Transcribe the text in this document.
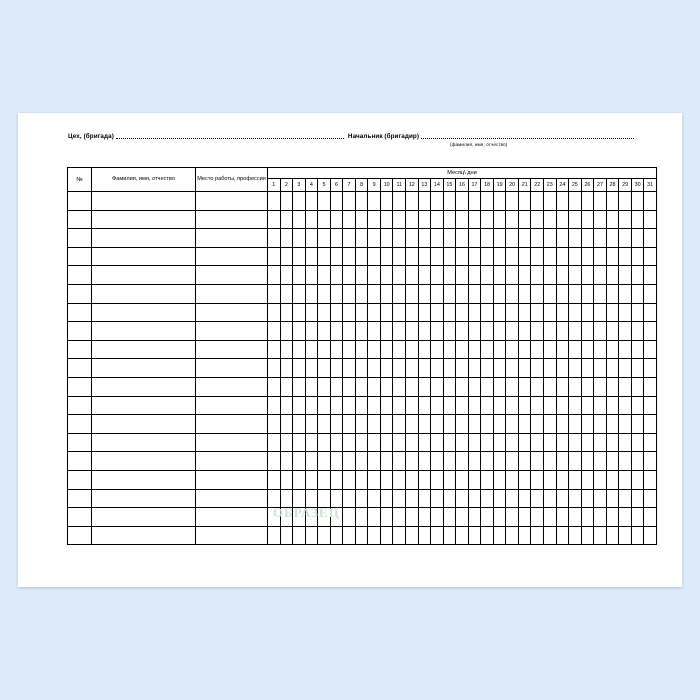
Цех, (бригада)	Начальник (бригадир)
(фамилия, имя, отчество)
№	Фамилия, имя, отчество	Место работы, профессия	Месяц\ дни																														
			1	2	3	4	5	6	7	8	9	10	11	12	13	14	15	16	17	18	19	20	21	22	23	24	25	26	27	28	29	30	31

ОБРАЗЕЦ
